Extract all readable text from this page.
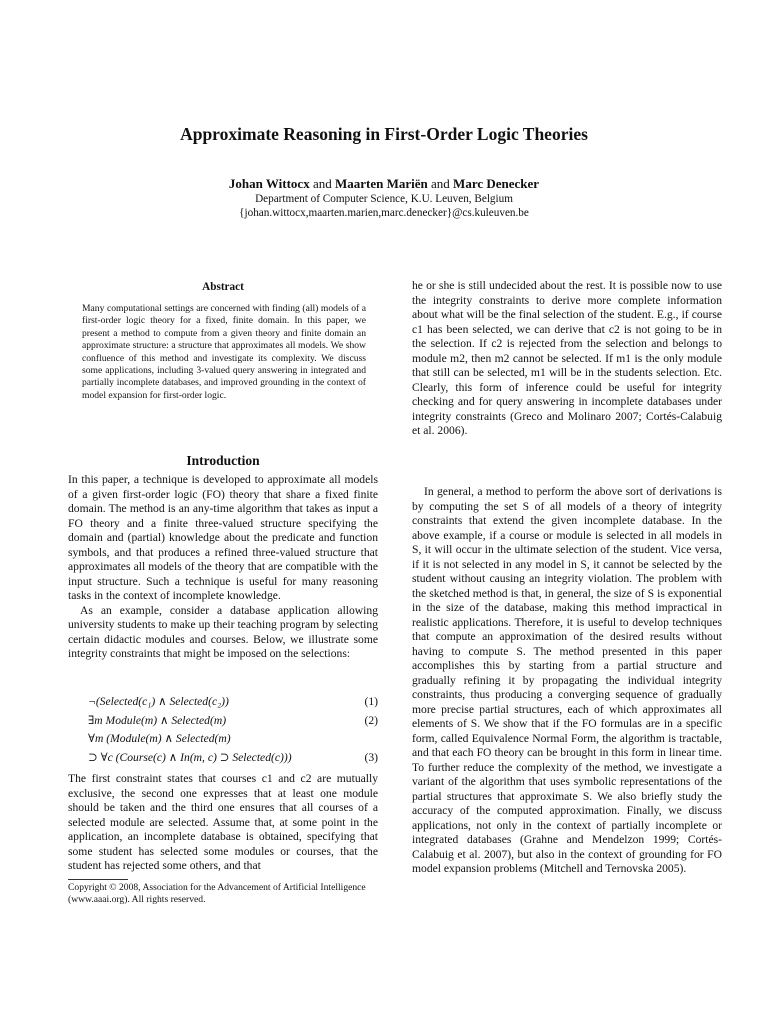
Approximate Reasoning in First-Order Logic Theories
Johan Wittocx and Maarten Mariën and Marc Denecker
Department of Computer Science, K.U. Leuven, Belgium
{johan.wittocx,maarten.marien,marc.denecker}@cs.kuleuven.be
Abstract

Many computational settings are concerned with finding (all) models of a first-order logic theory for a fixed, finite domain. In this paper, we present a method to compute from a given theory and finite domain an approximate structure: a structure that approximates all models. We show confluence of this method and investigate its complexity. We discuss some applications, including 3-valued query answering in integrated and partially incomplete databases, and improved grounding in the context of model expansion for first-order logic.

Introduction

In this paper, a technique is developed to approximate all models of a given first-order logic (FO) theory that share a fixed finite domain. The method is an any-time algorithm that takes as input a FO theory and a finite three-valued structure specifying the domain and (partial) knowledge about the predicate and function symbols, and that produces a refined three-valued structure that approximates all models of the theory that are compatible with the input structure. Such a technique is useful for many reasoning tasks in the context of incomplete knowledge.

As an example, consider a database application allowing university students to make up their teaching program by selecting certain didactic modules and courses. Below, we illustrate some integrity constraints that might be imposed on the selections:

¬(Selected(c₁) ∧ Selected(c₂))	(1)
∃m Module(m) ∧ Selected(m)	(2)
∀m (Module(m) ∧ Selected(m)
⊃ ∀c (Course(c) ∧ In(m, c) ⊃ Selected(c)))	(3)

The first constraint states that courses c1 and c2 are mutually exclusive, the second one expresses that at least one module should be taken and the third one ensures that all courses of a selected module are selected. Assume that, at some point in the application, an incomplete database is obtained, specifying that some student has selected some modules or courses, that the student has rejected some others, and that

Copyright © 2008, Association for the Advancement of Artificial Intelligence (www.aaai.org). All rights reserved.

he or she is still undecided about the rest. It is possible now to use the integrity constraints to derive more complete information about what will be the final selection of the student. E.g., if course c1 has been selected, we can derive that c2 is not going to be in the selection. If c2 is rejected from the selection and belongs to module m2, then m2 cannot be selected. If m1 is the only module that still can be selected, m1 will be in the students selection. Etc. Clearly, this form of inference could be useful for integrity checking and for query answering in incomplete databases under integrity constraints (Greco and Molinaro 2007; Cortés-Calabuig et al. 2006).

In general, a method to perform the above sort of derivations is by computing the set S of all models of a theory of integrity constraints that extend the given incomplete database. In the above example, if a course or module is selected in all models in S, it will occur in the ultimate selection of the student. Vice versa, if it is not selected in any model in S, it cannot be selected by the student without causing an integrity violation. The problem with the sketched method is that, in general, the size of S is exponential in the size of the database, making this method impractical in realistic applications. Therefore, it is useful to develop techniques that compute an approximation of the desired results without having to compute S. The method presented in this paper accomplishes this by starting from a partial structure and gradually refining it by propagating the individual integrity constraints, thus producing a converging sequence of gradually more precise partial structures, each of which approximates all elements of S. We show that if the FO formulas are in a specific form, called Equivalence Normal Form, the algorithm is tractable, and that each FO theory can be brought in this form in linear time. To further reduce the complexity of the method, we investigate a variant of the algorithm that uses symbolic representations of the partial structures that approximate S. We also briefly study the accuracy of the computed approximation. Finally, we discuss applications, not only in the context of partially incomplete or integrated databases (Grahne and Mendelzon 1999; Cortés-Calabuig et al. 2007), but also in the context of grounding for FO model expansion problems (Mitchell and Ternovska 2005).
